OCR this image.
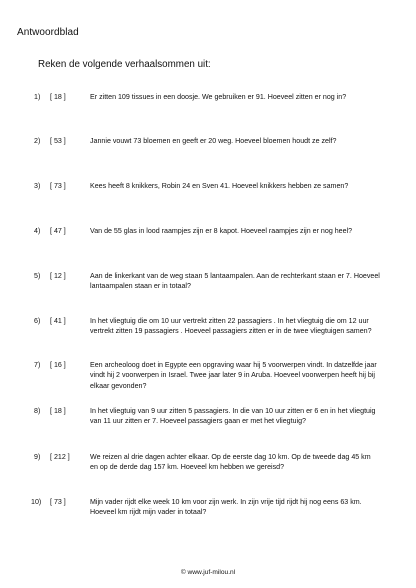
Antwoordblad
Reken de volgende verhaalsommen uit:
1)	[ 18 ]	Er zitten 109 tissues in een doosje. We gebruiken er 91. Hoeveel zitten er nog in?
2)	[ 53 ]	Jannie vouwt 73 bloemen en geeft er 20 weg. Hoeveel bloemen houdt ze zelf?
3)	[ 73 ]	Kees heeft 8 knikkers, Robin 24 en Sven 41. Hoeveel knikkers hebben ze samen?
4)	[ 47 ]	Van de 55 glas in lood raampjes zijn er 8 kapot. Hoeveel raampjes zijn er nog heel?
5)	[ 12 ]	Aan de linkerkant van de weg staan 5 lantaampalen. Aan de rechterkant staan er 7. Hoeveel lantaampalen staan er in totaal?
6)	[ 41 ]	In het vliegtuig die om 10 uur vertrekt zitten 22 passagiers . In het vliegtuig die om 12 uur vertrekt zitten 19 passagiers . Hoeveel passagiers zitten er in de twee vliegtuigen samen?
7)	[ 16 ]	Een archeoloog doet in Egypte een opgraving waar hij 5 voorwerpen vindt. In datzelfde jaar vindt hij 2 voorwerpen in Israel. Twee jaar later 9 in Aruba. Hoeveel voorwerpen heeft hij bij elkaar gevonden?
8)	[ 18 ]	In het vliegtuig van 9 uur zitten 5 passagiers. In die van 10 uur zitten er 6 en in het vliegtuig van 11 uur zitten er 7. Hoeveel passagiers gaan er met het vliegtuig?
9)	[ 212 ]	We reizen al drie dagen achter elkaar. Op de eerste dag 10 km. Op de tweede dag 45 km en op de derde dag 157 km. Hoeveel km hebben we gereisd?
10)	[ 73 ]	Mijn vader rijdt elke week 10 km voor zijn werk. In zijn vrije tijd rijdt hij nog eens 63 km. Hoeveel km rijdt mijn vader in totaal?
© www.juf-milou.nl
